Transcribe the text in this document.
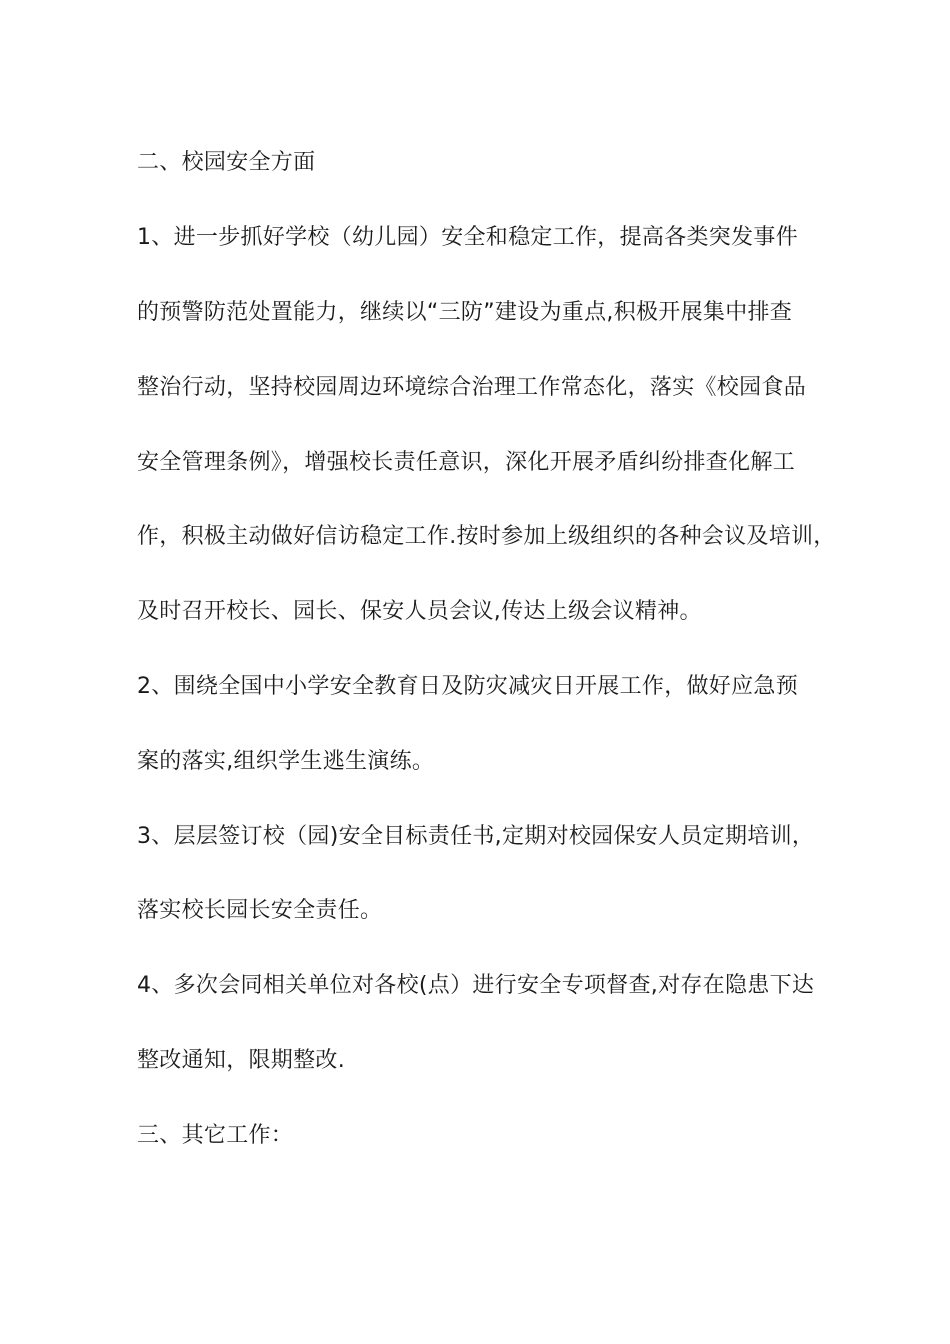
二、校园安全方面
1、进一步抓好学校（幼儿园）安全和稳定工作，提高各类突发事件
的预警防范处置能力，继续以“三防”建设为重点,积极开展集中排查
整治行动，坚持校园周边环境综合治理工作常态化，落实《校园食品
安全管理条例》，增强校长责任意识，深化开展矛盾纠纷排查化解工
作，积极主动做好信访稳定工作.按时参加上级组织的各种会议及培训，
及时召开校长、园长、保安人员会议,传达上级会议精神。
2、围绕全国中小学安全教育日及防灾减灾日开展工作，做好应急预
案的落实,组织学生逃生演练。
3、层层签订校（园)安全目标责任书,定期对校园保安人员定期培训，
落实校长园长安全责任。
4、多次会同相关单位对各校(点）进行安全专项督查,对存在隐患下达
整改通知，限期整改.
三、其它工作：
